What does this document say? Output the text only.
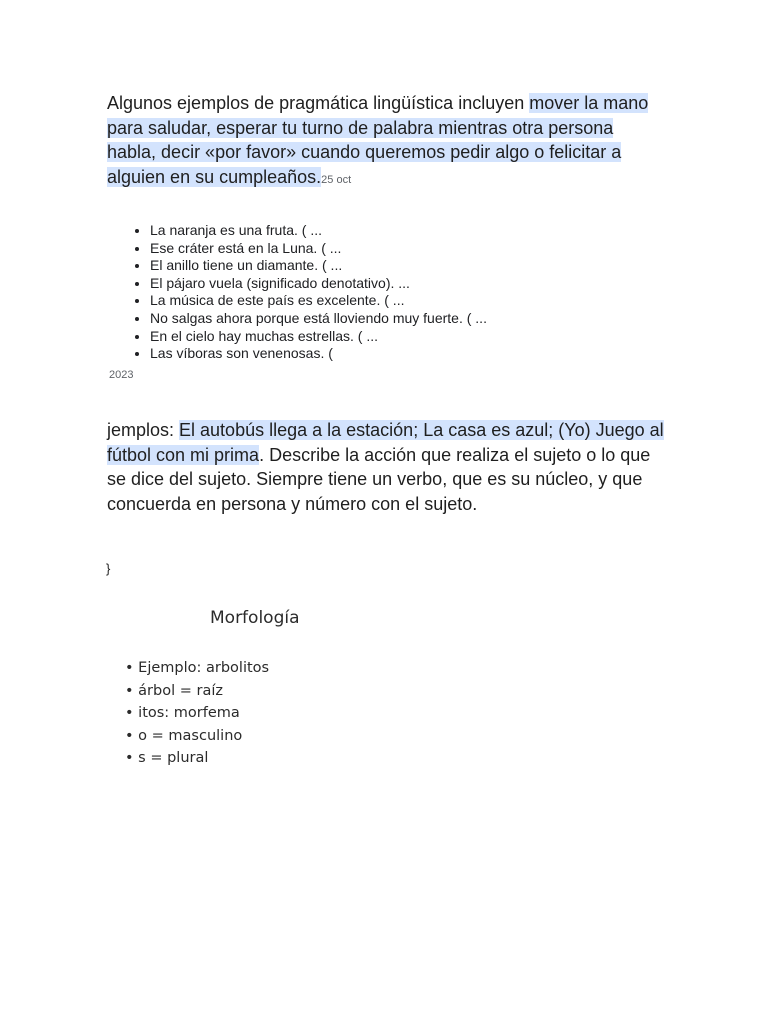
Algunos ejemplos de pragmática lingüística incluyen mover la mano para saludar, esperar tu turno de palabra mientras otra persona habla, decir «por favor» cuando queremos pedir algo o felicitar a alguien en su cumpleaños.25 oct
• La naranja es una fruta. ( ...
• Ese cráter está en la Luna. ( ...
• El anillo tiene un diamante. ( ...
• El pájaro vuela (significado denotativo). ...
• La música de este país es excelente. ( ...
• No salgas ahora porque está lloviendo muy fuerte. ( ...
• En el cielo hay muchas estrellas. ( ...
• Las víboras son venenosas. (
2023
jemplos: El autobús llega a la estación; La casa es azul; (Yo) Juego al fútbol con mi prima. Describe la acción que realiza el sujeto o lo que se dice del sujeto. Siempre tiene un verbo, que es su núcleo, y que concuerda en persona y número con el sujeto.
}
Morfología
• Ejemplo: arbolitos
• árbol = raíz
• itos: morfema
• o = masculino
• s = plural
